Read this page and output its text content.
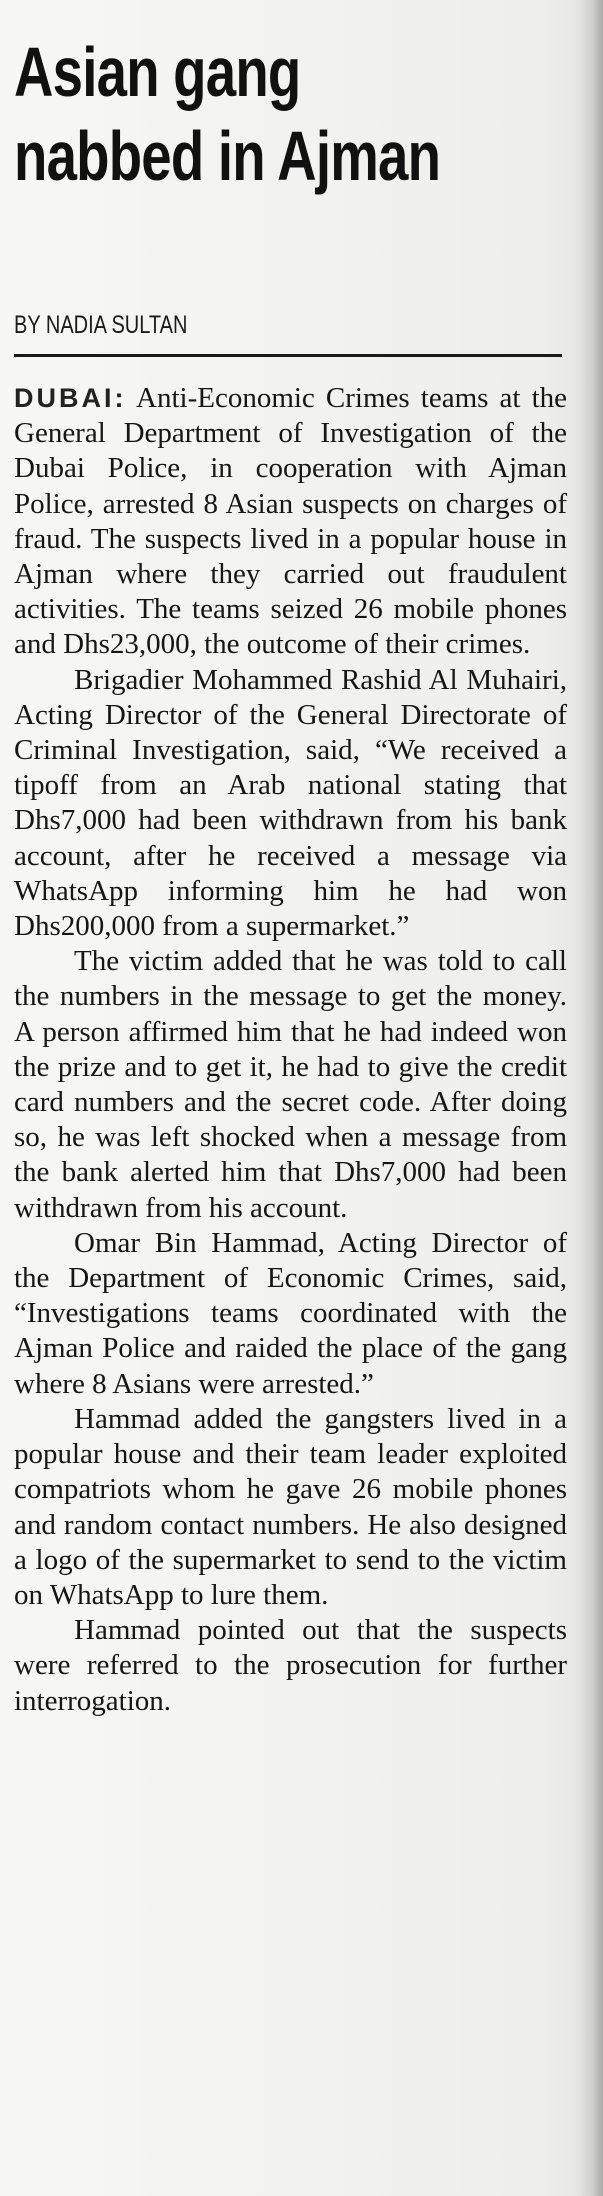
Asian gang
nabbed in Ajman
BY NADIA SULTAN

DUBAI: Anti-Economic Crimes teams at the General Department of Investigation of the Dubai Police, in cooperation with Ajman Police, arrested 8 Asian suspects on charges of fraud. The suspects lived in a popular house in Ajman where they carried out fraudulent activities. The teams seized 26 mobile phones and Dhs23,000, the outcome of their crimes.

Brigadier Mohammed Rashid Al Muhairi, Acting Director of the General Directorate of Criminal Investigation, said, “We received a tipoff from an Arab national stating that Dhs7,000 had been withdrawn from his bank account, after he received a message via WhatsApp informing him he had won Dhs200,000 from a supermarket.”

The victim added that he was told to call the numbers in the message to get the money. A person affirmed him that he had indeed won the prize and to get it, he had to give the credit card numbers and the secret code. After doing so, he was left shocked when a message from the bank alerted him that Dhs7,000 had been withdrawn from his account.

Omar Bin Hammad, Acting Director of the Department of Economic Crimes, said, “Investigations teams coordinated with the Ajman Police and raided the place of the gang where 8 Asians were arrested.”

Hammad added the gangsters lived in a popular house and their team leader exploited compatriots whom he gave 26 mobile phones and random contact numbers. He also designed a logo of the supermarket to send to the victim on WhatsApp to lure them.

Hammad pointed out that the suspects were referred to the prosecution for further interrogation.
